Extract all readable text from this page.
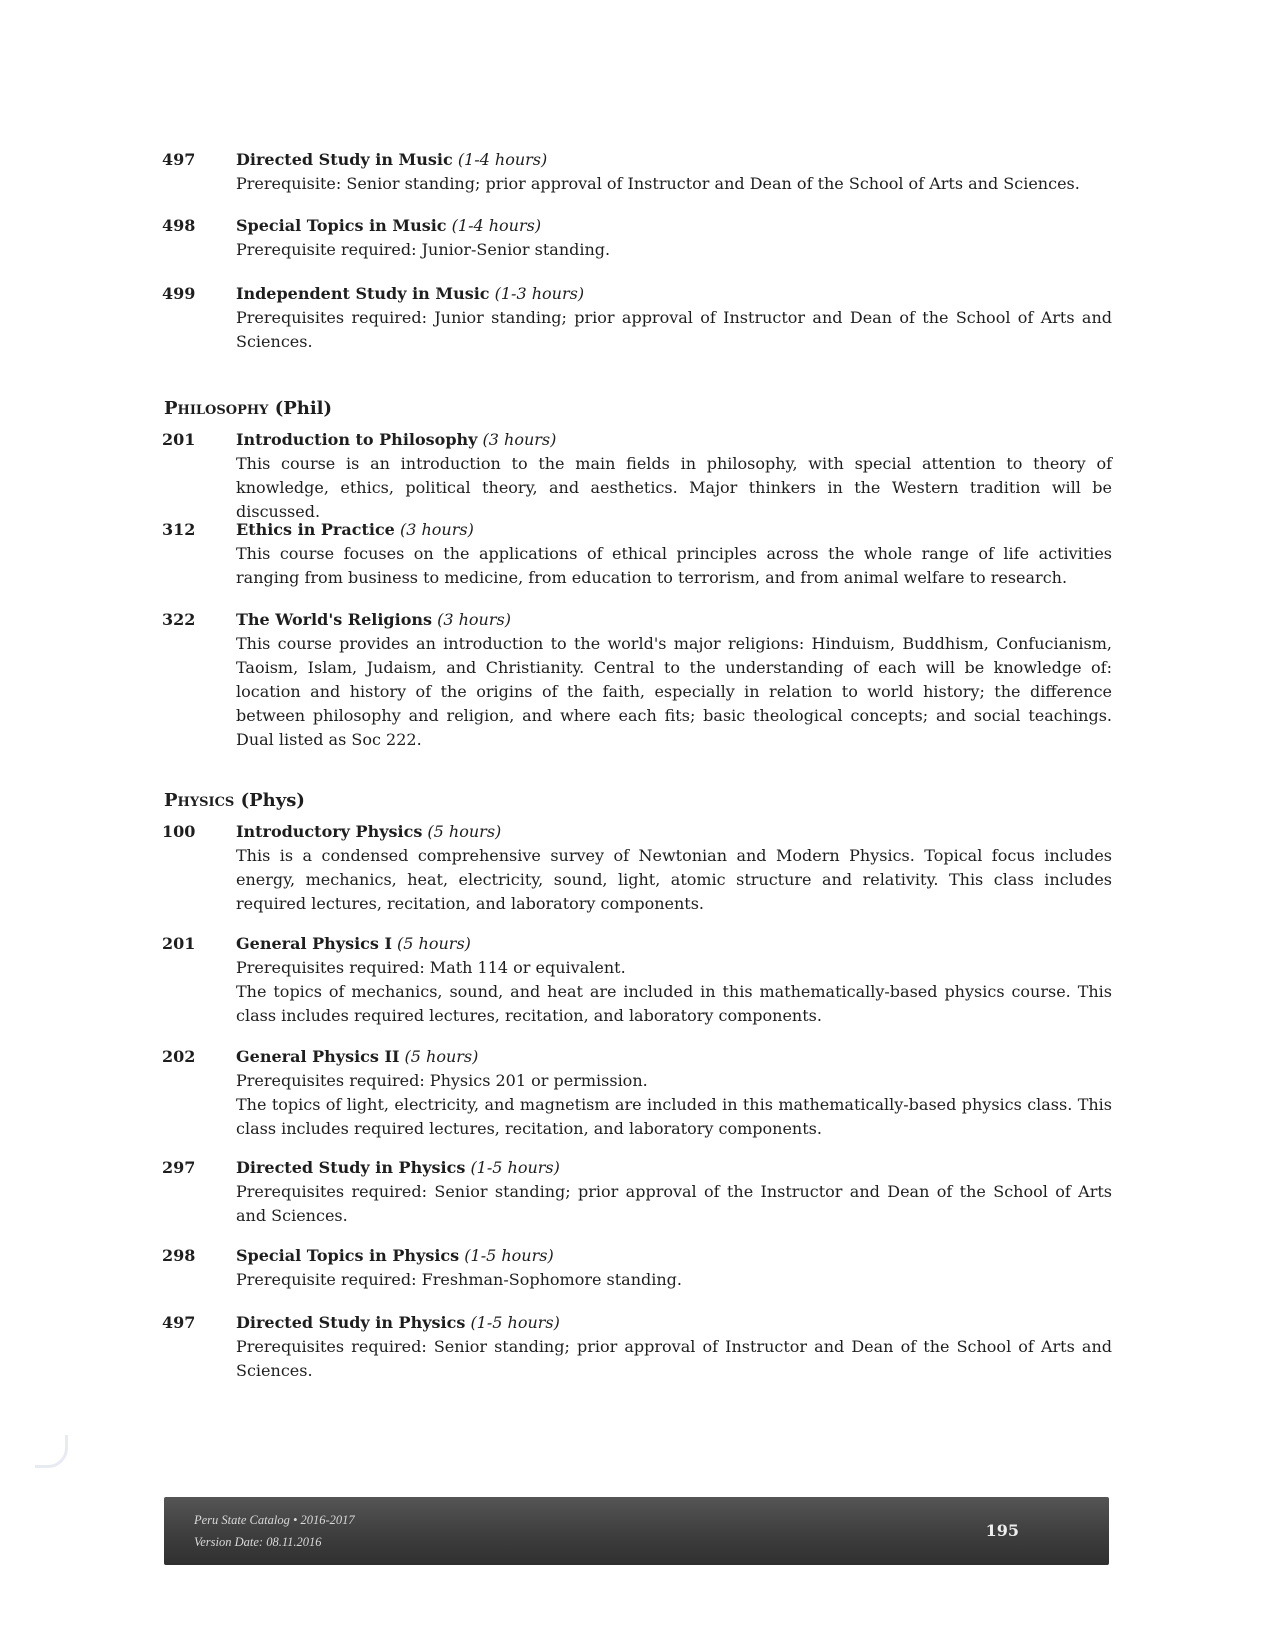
497	Directed Study in Music (1-4 hours)

Prerequisite: Senior standing; prior approval of Instructor and Dean of the School of Arts and Sciences.

498	Special Topics in Music (1-4 hours)

Prerequisite required: Junior-Senior standing.

499	Independent Study in Music (1-3 hours)

Prerequisites required: Junior standing; prior approval of Instructor and Dean of the School of Arts and Sciences.

Philosophy (Phil)
201	Introduction to Philosophy (3 hours)

This course is an introduction to the main fields in philosophy, with special attention to theory of knowledge, ethics, political theory, and aesthetics. Major thinkers in the Western tradition will be discussed.

312	Ethics in Practice (3 hours)

This course focuses on the applications of ethical principles across the whole range of life activities ranging from business to medicine, from education to terrorism, and from animal welfare to research.

322	The World's Religions (3 hours)

This course provides an introduction to the world's major religions: Hinduism, Buddhism, Confucianism, Taoism, Islam, Judaism, and Christianity. Central to the understanding of each will be knowledge of: location and history of the origins of the faith, especially in relation to world history; the difference between philosophy and religion, and where each fits; basic theological concepts; and social teachings. Dual listed as Soc 222.

Physics (Phys)
100	Introductory Physics (5 hours)

This is a condensed comprehensive survey of Newtonian and Modern Physics. Topical focus includes energy, mechanics, heat, electricity, sound, light, atomic structure and relativity. This class includes required lectures, recitation, and laboratory components.

201	General Physics I (5 hours)

Prerequisites required: Math 114 or equivalent.

The topics of mechanics, sound, and heat are included in this mathematically-based physics course. This class includes required lectures, recitation, and laboratory components.

202	General Physics II (5 hours)

Prerequisites required: Physics 201 or permission.

The topics of light, electricity, and magnetism are included in this mathematically-based physics class. This class includes required lectures, recitation, and laboratory components.

297	Directed Study in Physics (1-5 hours)

Prerequisites required: Senior standing; prior approval of the Instructor and Dean of the School of Arts and Sciences.

298	Special Topics in Physics (1-5 hours)

Prerequisite required: Freshman-Sophomore standing.

497	Directed Study in Physics (1-5 hours)

Prerequisites required: Senior standing; prior approval of Instructor and Dean of the School of Arts and Sciences.

Peru State Catalog • 2016-2017
Version Date: 08.11.2016
195
